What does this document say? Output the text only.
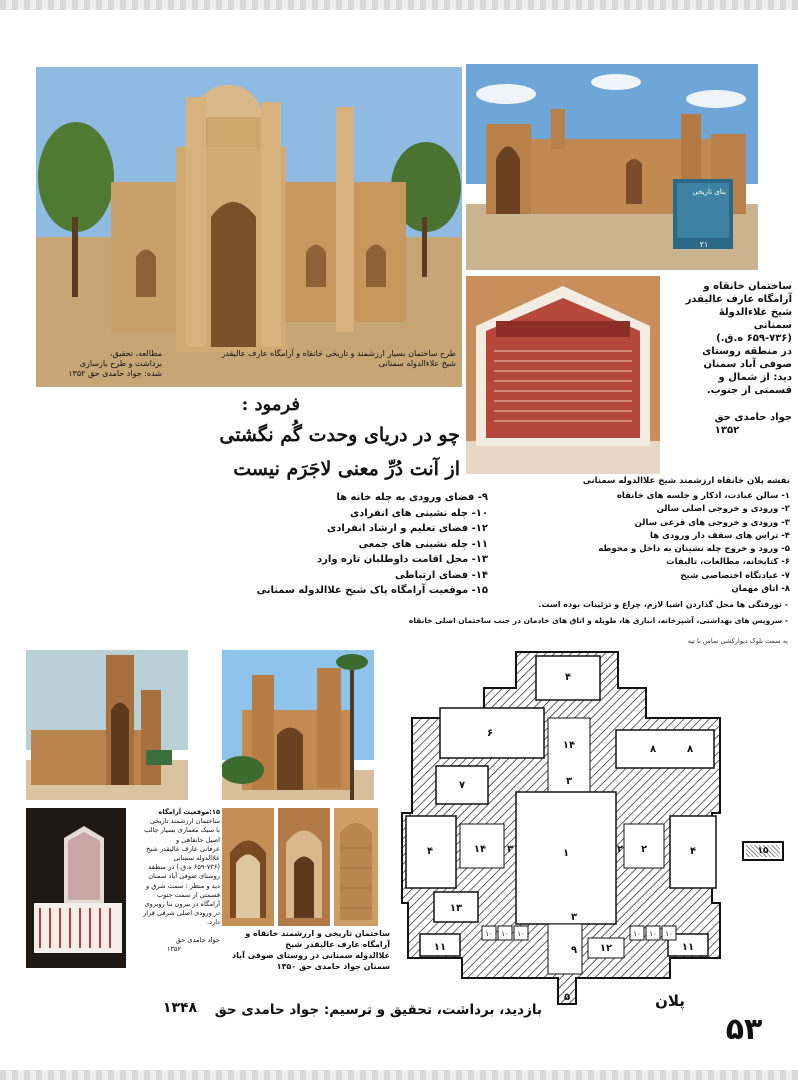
طرح ساختمان بسیار ارزشمند و تاریخی خانقاه و آرامگاه عارف عالیقدر شیخ علاءالدوله سمنانی
مطالعه، تحقیق،
برداشت و طرح بازسازی
شده: جواد حامدی حق ۱۳۵۲
بنای تاریخی
۲۱
ساختمان خانقاه و
آرامگاه عارف عالیقدر
شیخ علاءالدولهٔ
سمنانی
(۶۵۹-۷۳۶ ه.ق.)
در منطقه روستای
صوفی آباد سمنان
دید: از شمال و
قسمتی از جنوب.
جواد حامدی حق
۱۳۵۲
فرمود :
چو در دریای وحدت گُم نگشتی
از آنت دُرِّ معنی لاجَرَم نیست
نقشه پلان خانقاه ارزشمند شیخ علاالدوله سمنانی
۱- سالن عبادت، اذکار و جلسه های خانقاه
۲- ورودی و خروجی اصلی سالن
۳- ورودی و خروجی های فرعی سالن
۴- تراس های سقف دار ورودی ها
۵- ورود و خروج چله نشینان به داخل و محوطه
۶- کتابخانه، مطالعات، تالیفات
۷- عبادتگاه اختصاصی شیخ
۸- اتاق مهمان
۹- فضای ورودی به چله خانه ها
۱۰- چله نشینی های انفرادی
۱۲- فضای تعلیم و ارشاد انفرادی
۱۱- چله نشینی های جمعی
۱۳- محل اقامت داوطلبان تازه وارد
۱۴- فضای ارتباطی
۱۵- موقعیت آرامگاه پاک شیخ علاالدوله سمنانی
- تورفتگی ها محل گذاردن اشیا لازم، چراغ و تزئینات بوده است.
- سرویس های بهداشتی، آشپزخانه، انباری ها، طویله و اتاق های خادمان در جنب ساختمان اصلی خانقاه
به سمت بلوک دیوارکشی تماس با تپه
۱۵:موقعیت آرامگاه
ساختمان ارزشمند تاریخی
با سبک معماری بسیار جالب
اصیل خانقاهی و
عرفانی عارف عالیقدر شیخ
علاالدوله سمنانی
(۶۵۹-۷۳۶ ه.ق.) در منطقه
روستای صوفی آباد سمنان
دید و منظر : سمت شرق و
قسمتی از سمت جنوب
آرامگاه در بیرون بنا روبروی
در ورودی اصلی شرقی قرار
دارد.
جواد حامدی حق
۱۳۵۲
ساختمان تاریخی و ارزشمند خانقاه و آرامگاه عارف عالیقدر شیخ
علاالدوله سمنانی در روستای صوفی آباد سمنان جواد حامدی حق ۱۳۵۰
۴
۶
۱۴	۸
۸
۳
۷
۴	۱۴ ۳	۱	۲	۴
۲
۱۳
۳
۱۲
۹
۱۱	۱۱
۵
۱۰ ۱۰ ۱۰	۱۰ ۱۰ ۱۰
۱۵
پلان
۱۳۴۸	بازدید، برداشت، تحقیق و ترسیم: جواد حامدی حق
۵۳
